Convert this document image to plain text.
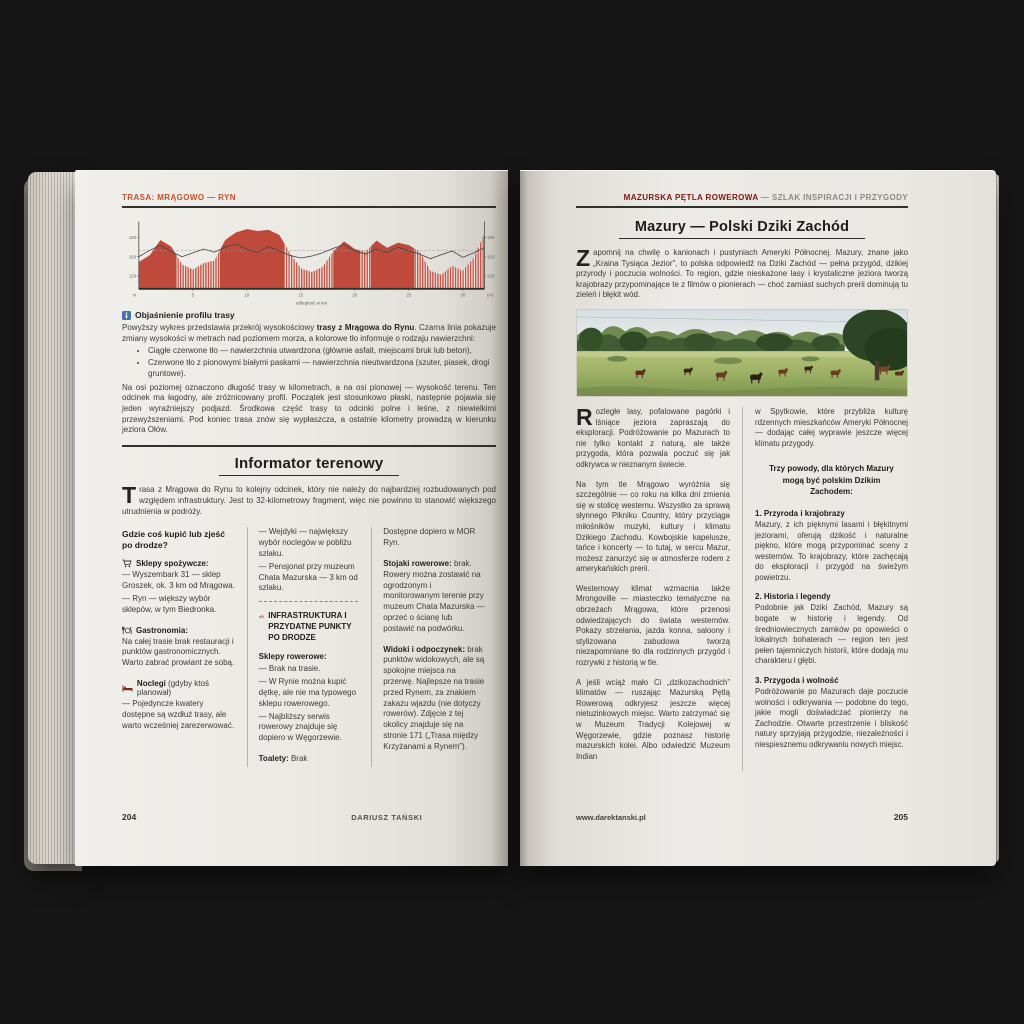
TRASA: MRĄGOWO — RYN
120	120
150	150
180	180
5	10	15	20	25	30
odległość w km
m	(m)
Objaśnienie profilu trasy

Powyższy wykres przedstawia przekrój wysokościowy trasy z Mrągowa do Rynu. Czarna linia pokazuje zmiany wysokości w metrach nad poziomem morza, a kolorowe tło informuje o rodzaju nawierzchni:

• Ciągłe czerwone tło — nawierzchnia utwardzona (głównie asfalt, miejscami bruk lub beton),
• Czerwone tło z pionowymi białymi paskami — nawierzchnia nieutwardzona (szuter, piasek, drogi gruntowe).

Na osi poziomej oznaczono długość trasy w kilometrach, a na osi pionowej — wysokość terenu. Ten odcinek ma łagodny, ale zróżnicowany profil. Początek jest stosunkowo płaski, następnie pojawia się jeden wyraźniejszy podjazd. Środkowa część trasy to odcinki polne i leśne, z niewielkimi przewyższeniami. Pod koniec trasa znów się wypłaszcza, a ostatnie kilometry prowadzą w kierunku jeziora Ołów.

Informator terenowy

Trasa z Mrągowa do Rynu to kolejny odcinek, który nie należy do najbardziej rozbudowanych pod względem infrastruktury. Jest to 32-kilometrowy fragment, więc nie powinno to stanowić większego utrudnienia w podróży.

Gdzie coś kupić lub zjeść po drodze?
Sklepy spożywcze:

— Wyszembark 31 — sklep Groszek, ok. 3 km od Mrągowa.

— Ryn — większy wybór sklepów, w tym Biedronka.

Gastronomia:

Na całej trasie brak restauracji i punktów gastronomicznych. Warto zabrać prowiant ze sobą.

Noclegi (gdyby ktoś planował)

— Pojedyncze kwatery dostępne są wzdłuż trasy, ale warto wcześniej zarezerwować.

— Wejdyki — największy wybór noclegów w pobliżu szlaku.

— Pensjonat przy muzeum Chata Mazurska — 3 km od szlaku.

INFRASTRUKTURA I PRZYDATNE PUNKTY PO DRODZE

Sklepy rowerowe:

— Brak na trasie.

— W Rynie można kupić dętkę, ale nie ma typowego sklepu rowerowego.

— Najbliższy serwis rowerowy znajduje się dopiero w Węgorzewie.

Toalety: Brak

Dostępne dopiero w MOR Ryn.

Stojaki rowerowe: brak. Rowery można zostawić na ogrodzonym i monitorowanym terenie przy muzeum Chata Mazurska — oprzeć o ścianę lub postawić na podwórku.

Widoki i odpoczynek: brak punktów widokowych, ale są spokojne miejsca na przerwę. Najlepsze na trasie przed Rynem, za znakiem zakazu wjazdu (nie dotyczy rowerów). Zdjęcie z tej okolicy znajduje się na stronie 171 („Trasa między Krzyżanami a Rynem”).

204	DARIUSZ TAŃSKI
MAZURSKA PĘTLA ROWEROWA — SZLAK INSPIRACJI I PRZYGODY
Mazury — Polski Dziki Zachód

Zapomnij na chwilę o kanionach i pustyniach Ameryki Północnej. Mazury, znane jako „Kraina Tysiąca Jezior”, to polska odpowiedź na Dziki Zachód — pełna przygód, dzikiej przyrody i poczucia wolności. To region, gdzie nieskażone lasy i krystaliczne jeziora tworzą krajobrazy przypominające te z filmów o pionierach — choć zamiast suchych prerii dominują tu zieleń i błękit wód.

Rozległe lasy, pofalowane pagórki i lśniące jeziora zapraszają do eksploracji. Podróżowanie po Mazurach to nie tylko kontakt z naturą, ale także przygoda, która pozwala poczuć się jak odkrywca w nieznanym świecie.

Na tym tle Mrągowo wyróżnia się szczególnie — co roku na kilka dni zmienia się w stolicę westernu. Wszystko za sprawą słynnego Pikniku Country, który przyciąga miłośników muzyki, kultury i klimatu Dzikiego Zachodu. Kowbojskie kapelusze, tańce i koncerty — to tutaj, w sercu Mazur, możesz zanurzyć się w atmosferze rodem z amerykańskich prerii.

Westernowy klimat wzmacnia także Mrongoville — miasteczko tematyczne na obrzeżach Mrągowa, które przenosi odwiedzających do świata westernów. Pokazy strzelania, jazda konna, saloony i stylizowana zabudowa tworzą niezapomniane tło dla rodzinnych przygód i rozrywki z historią w tle.

A jeśli wciąż mało Ci „dzikozachodnich” klimatów — ruszając Mazurską Pętlą Rowerową odkryjesz jeszcze więcej nietuzinkowych miejsc. Warto zatrzymać się w Muzeum Tradycji Kolejowej w Węgorzewie, gdzie poznasz historię mazurskich kolei. Albo odwiedzić Muzeum Indian

w Spytkowie, które przybliża kulturę rdzennych mieszkańców Ameryki Północnej — dodając całej wyprawie jeszcze więcej klimatu przygody.

Trzy powody, dla których Mazury mogą być polskim Dzikim Zachodem:
1. Przyroda i krajobrazy

Mazury, z ich pięknymi lasami i błękitnymi jeziorami, oferują dzikość i naturalne piękno, które mogą przypominać sceny z westernów. To krajobrazy, które zachęcają do eksploracji i przygód na świeżym powietrzu.

2. Historia i legendy

Podobnie jak Dziki Zachód, Mazury są bogate w historię i legendy. Od średniowiecznych zamków po opowieści o lokalnych bohaterach — region ten jest pełen tajemniczych historii, które dodają mu charakteru i głębi.

3. Przygoda i wolność

Podróżowanie po Mazurach daje poczucie wolności i odkrywania — podobne do tego, jakie mogli doświadczać pionierzy na Zachodzie. Otwarte przestrzenie i bliskość natury sprzyjają przygodzie, niezależności i niespiesznemu odkrywaniu nowych miejsc.

www.darektanski.pl	205
